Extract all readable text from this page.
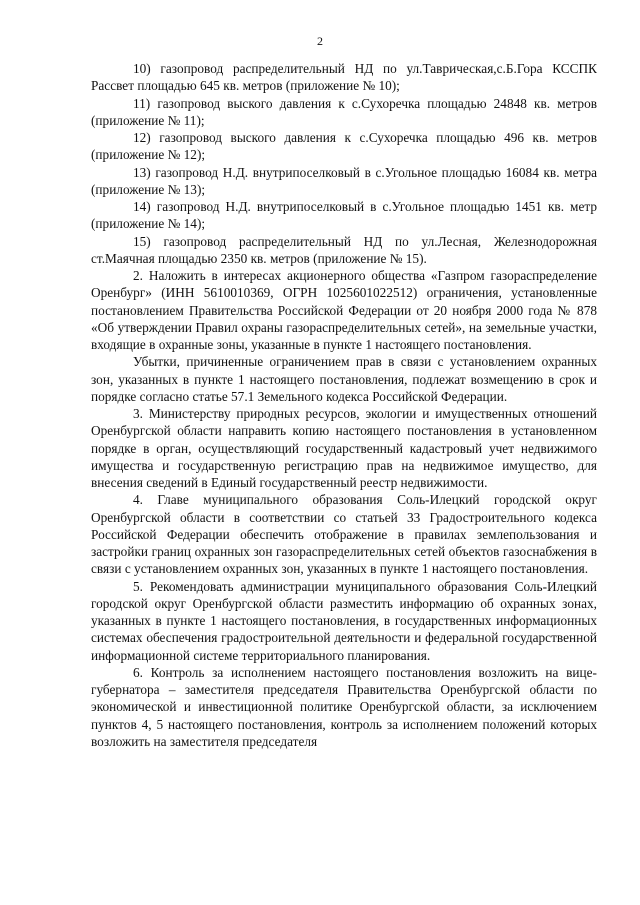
2

10) газопровод распределительный НД по ул.Таврическая,с.Б.Гора КССПК Рассвет площадью 645 кв. метров (приложение № 10);

11) газопровод выского давления к с.Сухоречка площадью 24848 кв. метров (приложение № 11);

12) газопровод выского давления к с.Сухоречка площадью 496 кв. метров (приложение № 12);

13) газопровод Н.Д. внутрипоселковый в с.Угольное площадью 16084 кв. метра (приложение № 13);

14) газопровод Н.Д. внутрипоселковый в с.Угольное площадью 1451 кв. метр (приложение № 14);

15) газопровод распределительный НД по ул.Лесная, Железнодорожная ст.Маячная площадью 2350 кв. метров (приложение № 15).

2. Наложить в интересах акционерного общества «Газпром газораспределение Оренбург» (ИНН 5610010369, ОГРН 1025601022512) ограничения, установленные постановлением Правительства Российской Федерации от 20 ноября 2000 года № 878 «Об утверждении Правил охраны газораспределительных сетей», на земельные участки, входящие в охранные зоны, указанные в пункте 1 настоящего постановления.

Убытки, причиненные ограничением прав в связи с установлением охранных зон, указанных в пункте 1 настоящего постановления, подлежат возмещению в срок и порядке согласно статье 57.1 Земельного кодекса Российской Федерации.

3. Министерству природных ресурсов, экологии и имущественных отношений Оренбургской области направить копию настоящего постановления в установленном порядке в орган, осуществляющий государственный кадастровый учет недвижимого имущества и государственную регистрацию прав на недвижимое имущество, для внесения сведений в Единый государственный реестр недвижимости.

4. Главе муниципального образования Соль-Илецкий городской округ Оренбургской области в соответствии со статьей 33 Градостроительного кодекса Российской Федерации обеспечить отображение в правилах землепользования и застройки границ охранных зон газораспределительных сетей объектов газоснабжения в связи с установлением охранных зон, указанных в пункте 1 настоящего постановления.

5. Рекомендовать администрации муниципального образования Соль-Илецкий городской округ Оренбургской области разместить информацию об охранных зонах, указанных в пункте 1 настоящего постановления, в государственных информационных системах обеспечения градостроительной деятельности и федеральной государственной информационной системе территориального планирования.

6. Контроль за исполнением настоящего постановления возложить на вице-губернатора – заместителя председателя Правительства Оренбургской области по экономической и инвестиционной политике Оренбургской области, за исключением пунктов 4, 5 настоящего постановления, контроль за исполнением положений которых возложить на заместителя председателя
